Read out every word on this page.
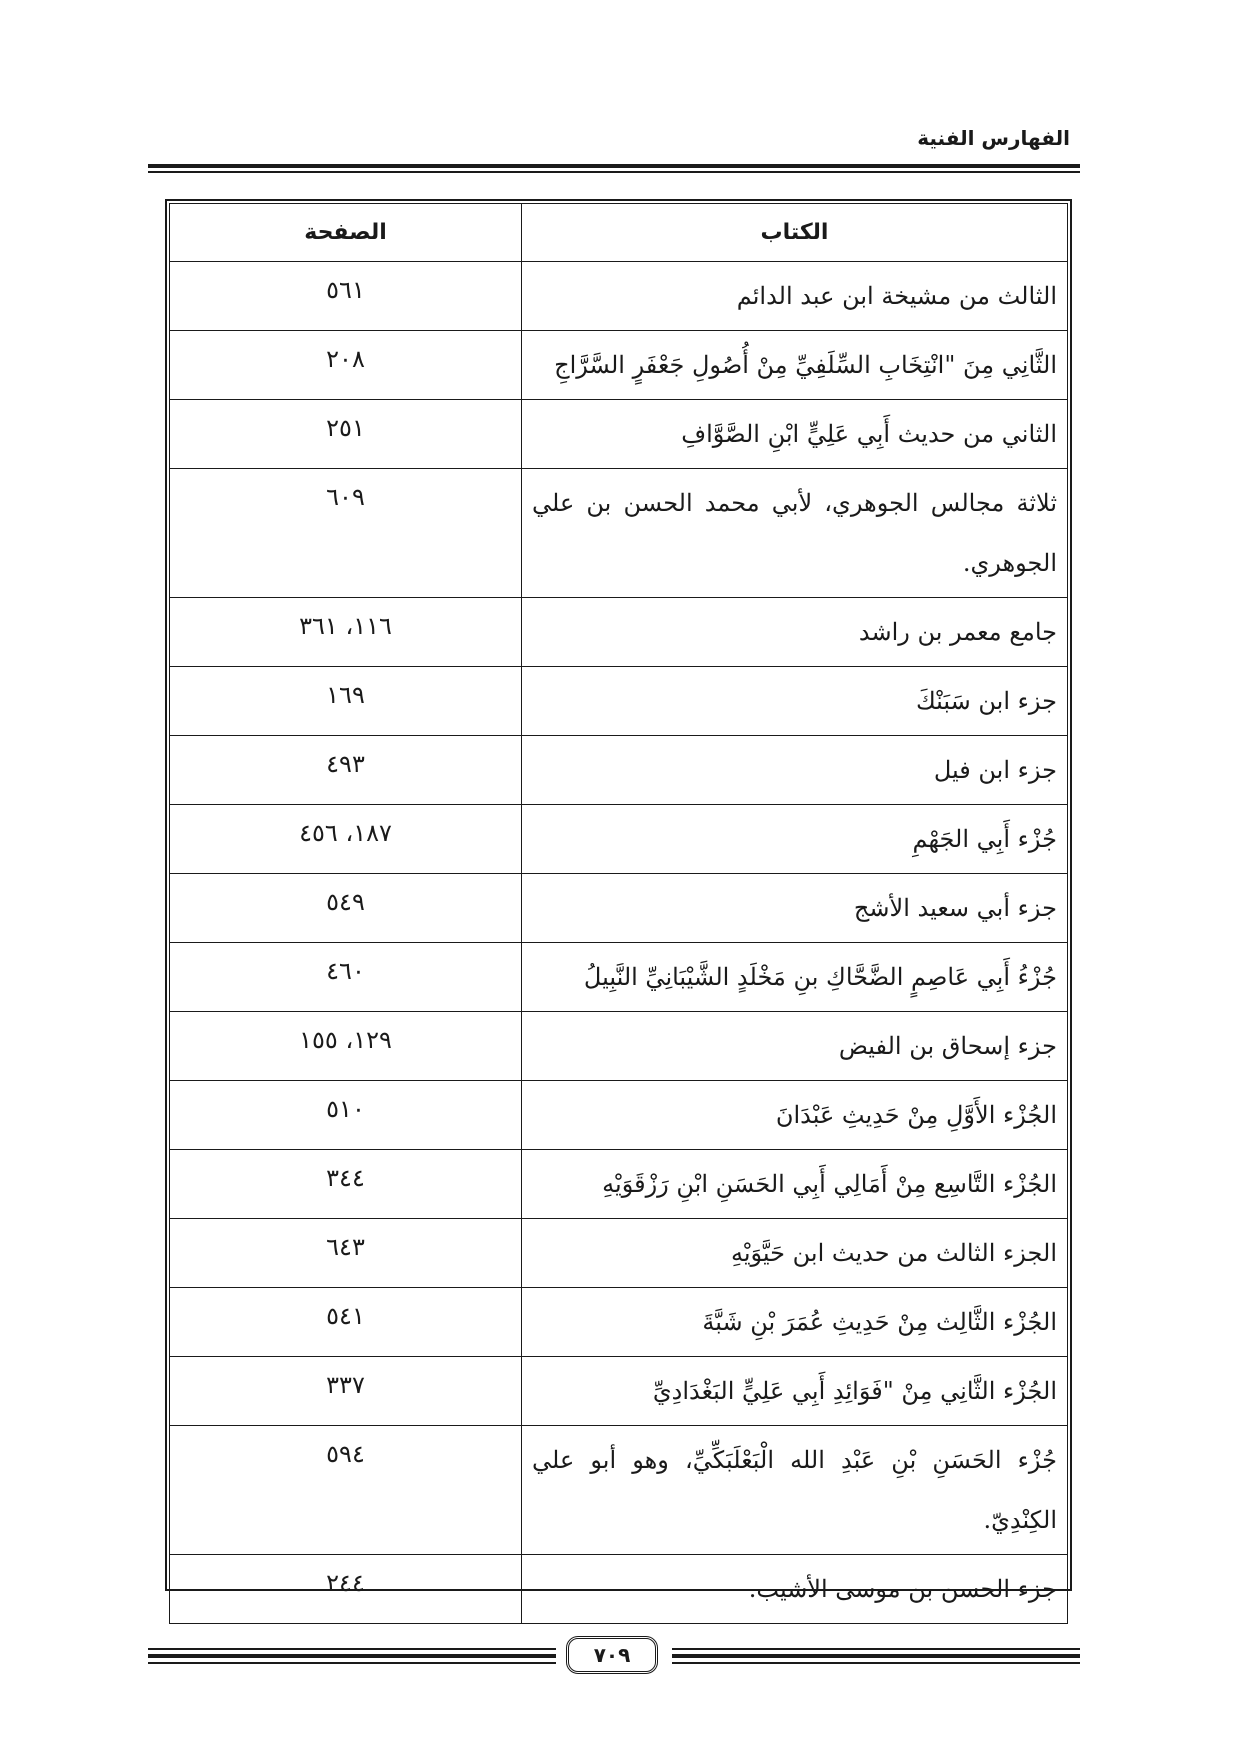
الفهارس الفنية
الكتاب	الصفحة
الثالث من مشيخة ابن عبد الدائم	٥٦١
الثَّانِي مِنَ "انْتِخَابِ السِّلَفِيِّ مِنْ أُصُولِ جَعْفَرٍ السَّرَّاجِ	٢٠٨
الثاني من حديث أَبِي عَلِيٍّ ابْنِ الصَّوَّافِ	٢٥١
ثلاثة مجالس الجوهري، لأبي محمد الحسن بن علي الجوهري.	٦٠٩
جامع معمر بن راشد	١١٦، ٣٦١
جزء ابن سَبَنْكَ	١٦٩
جزء ابن فيل	٤٩٣
جُزْء أَبِي الجَهْمِ	١٨٧، ٤٥٦
جزء أبي سعيد الأشج	٥٤٩
جُزْءُ أَبِي عَاصِمٍ الضَّحَّاكِ بنِ مَخْلَدٍ الشَّيْبَانِيِّ النَّبِيلُ	٤٦٠
جزء إسحاق بن الفيض	١٢٩، ١٥٥
الجُزْء الأَوَّلِ مِنْ حَدِيثِ عَبْدَانَ	٥١٠
الجُزْء التَّاسِع مِنْ أَمَالِي أَبِي الحَسَنِ ابْنِ رَزْقَوَيْهِ	٣٤٤
الجزء الثالث من حديث ابن حَيَّوَيْهِ	٦٤٣
الجُزْء الثَّالِث مِنْ حَدِيثِ عُمَرَ بْنِ شَبَّةَ	٥٤١
الجُزْء الثَّانِي مِنْ "فَوَائِدِ أَبِي عَلِيٍّ البَغْدَادِيِّ	٣٣٧
جُزْء الحَسَنِ بْنِ عَبْدِ الله الْبَعْلَبَكِّيِّ، وهو أبو علي الكِنْدِيّ.	٥٩٤
جزء الحسن بن موسى الأشيب.	٢٤٤
٧٠٩
